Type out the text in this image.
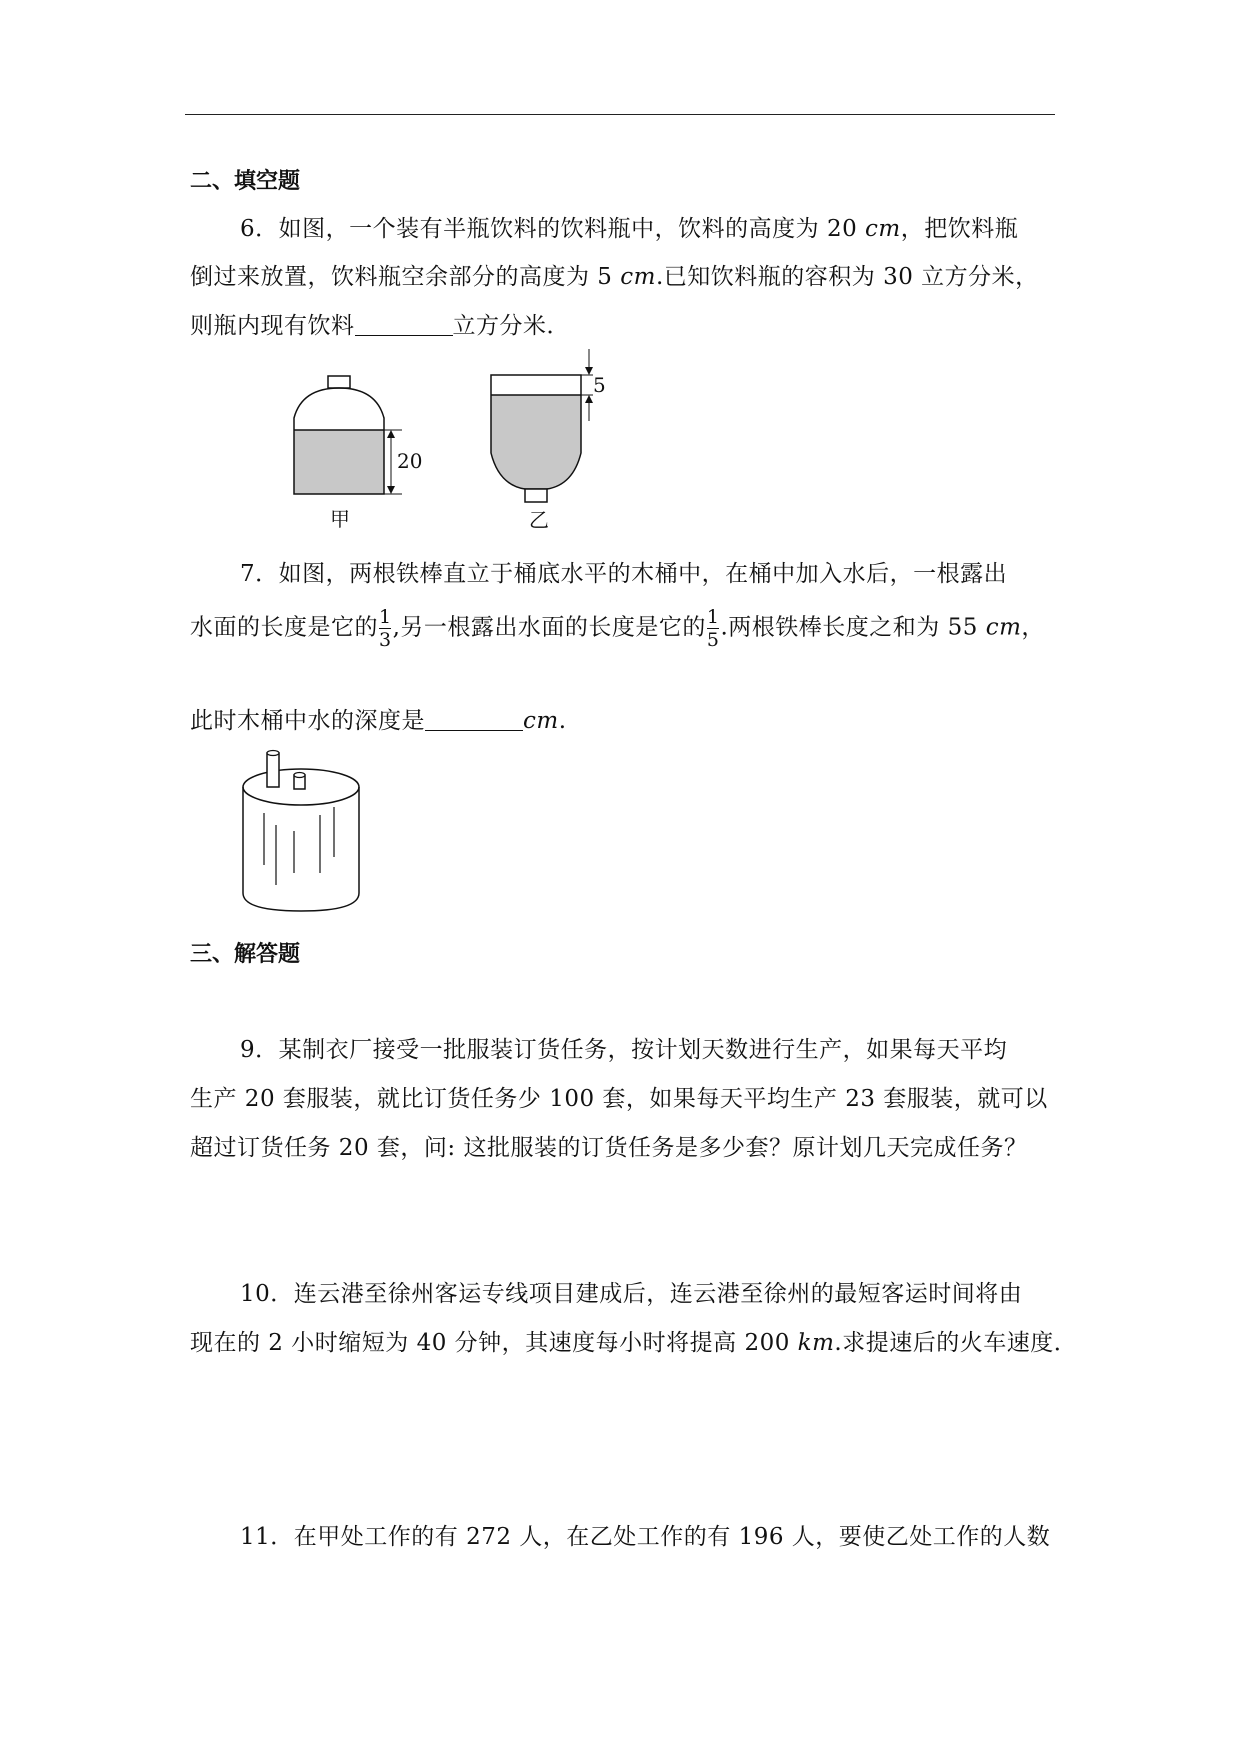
二、填空题
6．如图，一个装有半瓶饮料的饮料瓶中，饮料的高度为 20 cm，把饮料瓶
倒过来放置，饮料瓶空余部分的高度为 5 cm.已知饮料瓶的容积为 30 立方分米，
则瓶内现有饮料	立方分米．
20
甲
5
乙
7．如图，两根铁棒直立于桶底水平的木桶中，在桶中加入水后，一根露出
水面的长度是它的 $\frac{1}{3}$ ,另一根露出水面的长度是它的 $\frac{1}{5}$ .两根铁棒长度之和为 55 cm，
此时木桶中水的深度是	cm.
三、解答题
9．某制衣厂接受一批服装订货任务，按计划天数进行生产，如果每天平均
生产 20 套服装，就比订货任务少 100 套，如果每天平均生产 23 套服装，就可以
超过订货任务 20 套，问: 这批服装的订货任务是多少套？原计划几天完成任务？
10．连云港至徐州客运专线项目建成后，连云港至徐州的最短客运时间将由
现在的 2 小时缩短为 40 分钟，其速度每小时将提高 200 km.求提速后的火车速度．
11．在甲处工作的有 272 人，在乙处工作的有 196 人，要使乙处工作的人数
